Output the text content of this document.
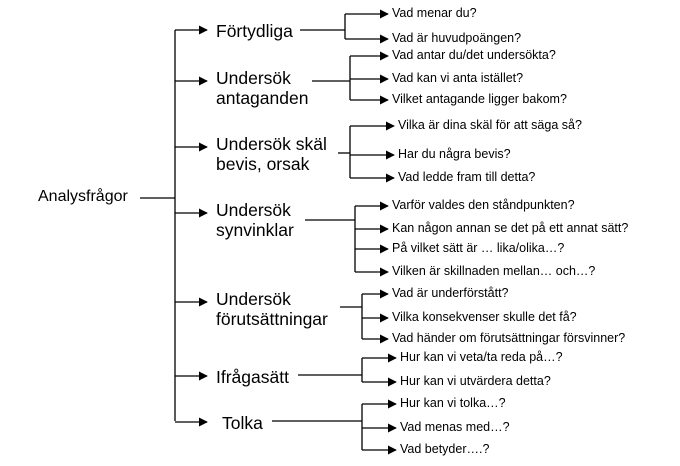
Analysfrågor
Förtydliga
Vad menar du?
Vad är huvudpoängen?
Undersök
antaganden
Vad antar du/det undersökta?
Vad kan vi anta istället?
Vilket antagande ligger bakom?
Undersök skäl
bevis, orsak
Vilka är dina skäl för att säga så?
Har du några bevis?
Vad ledde fram till detta?
Undersök
synvinklar
Varför valdes den ståndpunkten?
Kan någon annan se det på ett annat sätt?
På vilket sätt är … lika/olika…?
Vilken är skillnaden mellan… och…?
Undersök
förutsättningar
Vad är underförstått?
Vilka konsekvenser skulle det få?
Vad händer om förutsättningar försvinner?
Ifrågasätt
Hur kan vi veta/ta reda på…?
Hur kan vi utvärdera detta?
Tolka
Hur kan vi tolka…?
Vad menas med…?
Vad betyder….?
